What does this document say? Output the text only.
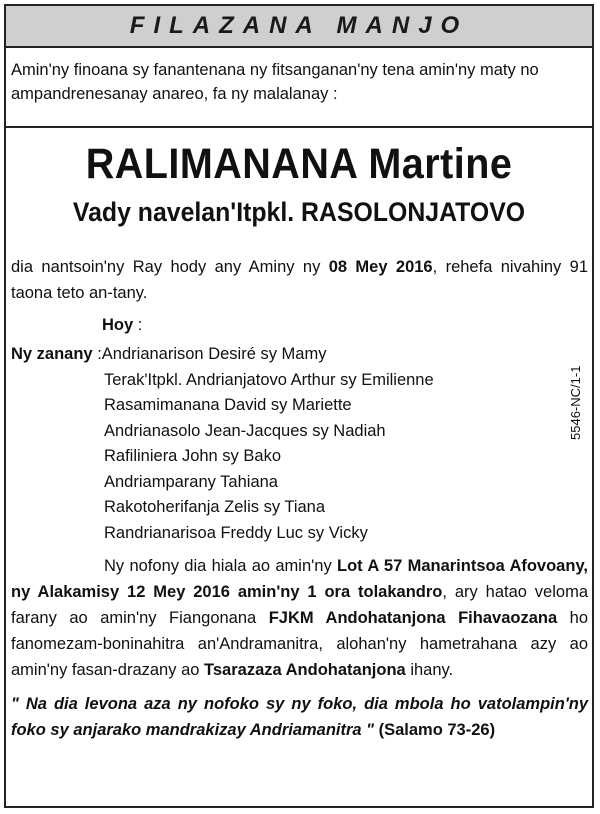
FILAZANA MANJO
Amin'ny finoana sy fanantenana ny fitsanganan'ny tena amin'ny maty no ampandrenesanay anareo, fa ny malalanay :
RALIMANANA Martine
Vady navelan'Itpkl. RASOLONJATOVO
dia nantsoin'ny Ray hody any Aminy ny 08 Mey 2016, rehefa nivahiny 91 taona teto an-tany.
Hoy :
Ny zanany :Andrianarison Desiré sy Mamy
Terak'Itpkl. Andrianjatovo Arthur sy Emilienne
Rasamimanana David sy Mariette
Andrianasolo Jean-Jacques sy Nadiah
Rafiliniera John sy Bako
Andriamparany Tahiana
Rakotoherifanja Zelis sy Tiana
Randrianarisoa Freddy Luc sy Vicky
Ny nofony dia hiala ao amin'ny Lot A 57 Manarintsoa Afovoany, ny Alakamisy 12 Mey 2016 amin'ny 1 ora tolakandro, ary hatao veloma farany ao amin'ny Fiangonana FJKM Andohatanjona Fihavaozana ho fanomezam-boninahitra an'Andramanitra, alohan'ny hametrahana azy ao amin'ny fasan-drazany ao Tsarazaza Andohatanjona ihany.
" Na dia levona aza ny nofoko sy ny foko, dia mbola ho vatolampin'ny foko sy anjarako mandrakizay Andriamanitra " (Salamo 73-26)
5546-NC/1-1
